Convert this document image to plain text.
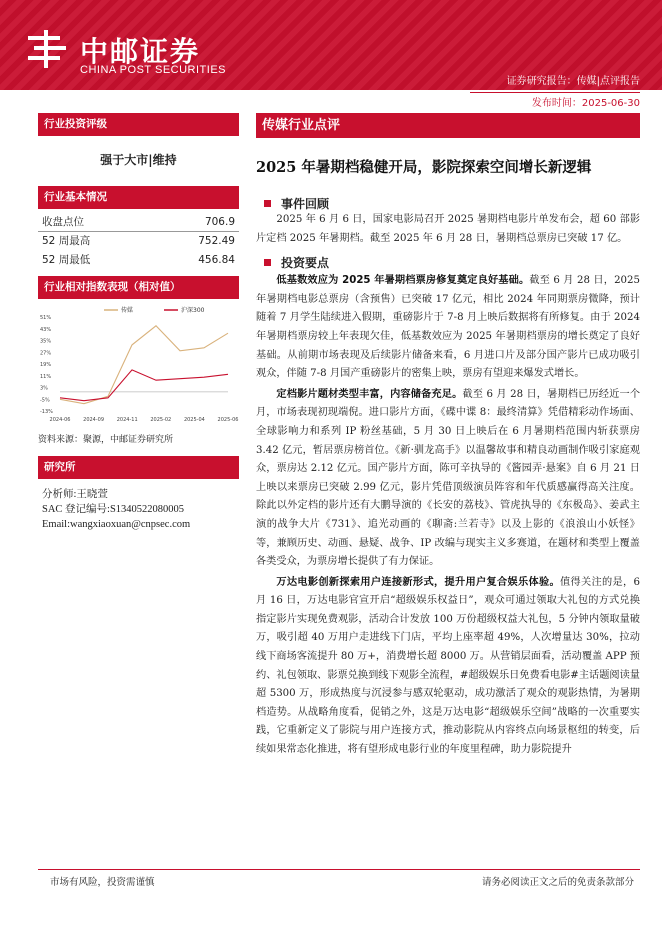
中邮证券
CHINA POST SECURITIES
证券研究报告：传媒|点评报告
发布时间：2025-06-30
行业投资评级
强于大市|维持
行业基本情况
收盘点位	706.9
52 周最高	752.49
52 周最低	456.84
行业相对指数表现（相对值）
51%
43%
35%
27%
19%
11%
3%
-5%
-13%
2024-06	2024-09	2024-11	2025-02	2025-04	2025-06
传媒	沪深300
资料来源：聚源，中邮证券研究所
研究所
分析师:王晓萱
SAC 登记编号:S1340522080005
Email:wangxiaoxuan@cnpsec.com
传媒行业点评
2025 年暑期档稳健开局，影院探索空间增长新逻辑
事件回顾

2025 年 6 月 6 日，国家电影局召开 2025 暑期档电影片单发布会，超 60 部影片定档 2025 年暑期档。截至 2025 年 6 月 28 日，暑期档总票房已突破 17 亿。

投资要点

低基数效应为 2025 年暑期档票房修复奠定良好基础。截至 6 月 28 日，2025 年暑期档电影总票房（含预售）已突破 17 亿元，相比 2024 年同期票房微降，预计随着 7 月学生陆续进入假期，重磅影片于 7-8 月上映后数据将有所修复。由于 2024 年暑期档票房较上年表现欠佳，低基数效应为 2025 年暑期档票房的增长奠定了良好基础。从前期市场表现及后续影片储备来看，6 月进口片及部分国产影片已成功吸引观众，伴随 7-8 月国产重磅影片的密集上映，票房有望迎来爆发式增长。

定档影片题材类型丰富，内容储备充足。截至 6 月 28 日，暑期档已历经近一个月，市场表现初现端倪。进口影片方面，《碟中谍 8：最终清算》凭借精彩动作场面、全球影响力和系列 IP 粉丝基础，5 月 30 日上映后在 6 月暑期档范围内斩获票房 3.42 亿元，暂居票房榜首位。《新·驯龙高手》以温馨故事和精良动画制作吸引家庭观众，票房达 2.12 亿元。国产影片方面，陈可辛执导的《酱园弄·悬案》自 6 月 21 日上映以来票房已突破 2.99 亿元，影片凭借顶级演员阵容和年代质感赢得高关注度。除此以外定档的影片还有大鹏导演的《长安的荔枝》、管虎执导的《东极岛》、姜武主演的战争大片《731》、追光动画的《聊斋:兰若寺》以及上影的《浪浪山小妖怪》等，兼顾历史、动画、悬疑、战争、IP 改编与现实主义多赛道，在题材和类型上覆盖各类受众，为票房增长提供了有力保证。

万达电影创新探索用户连接新形式，提升用户复合娱乐体验。值得关注的是，6 月 16 日，万达电影官宣开启“超级娱乐权益日”，观众可通过领取大礼包的方式兑换指定影片实现免费观影，活动合计发放 100 万份超级权益大礼包，5 分钟内领取量破万，吸引超 40 万用户走进线下门店，平均上座率超 49%，人次增量达 30%，拉动线下商场客流提升 80 万+，消费增长超 8000 万。从营销层面看，活动覆盖 APP 预约、礼包领取、影票兑换到线下观影全流程，#超级娱乐日免费看电影#主话题阅读量超 5300 万，形成热度与沉浸参与感双轮驱动，成功激活了观众的观影热情，为暑期档造势。从战略角度看，促销之外，这是万达电影“超级娱乐空间”战略的一次重要实践，它重新定义了影院与用户连接方式，推动影院从内容终点向场景枢纽的转变，后续如果常态化推进，将有望形成电影行业的年度里程碑，助力影院提升

市场有风险，投资需谨慎	请务必阅读正文之后的免责条款部分
